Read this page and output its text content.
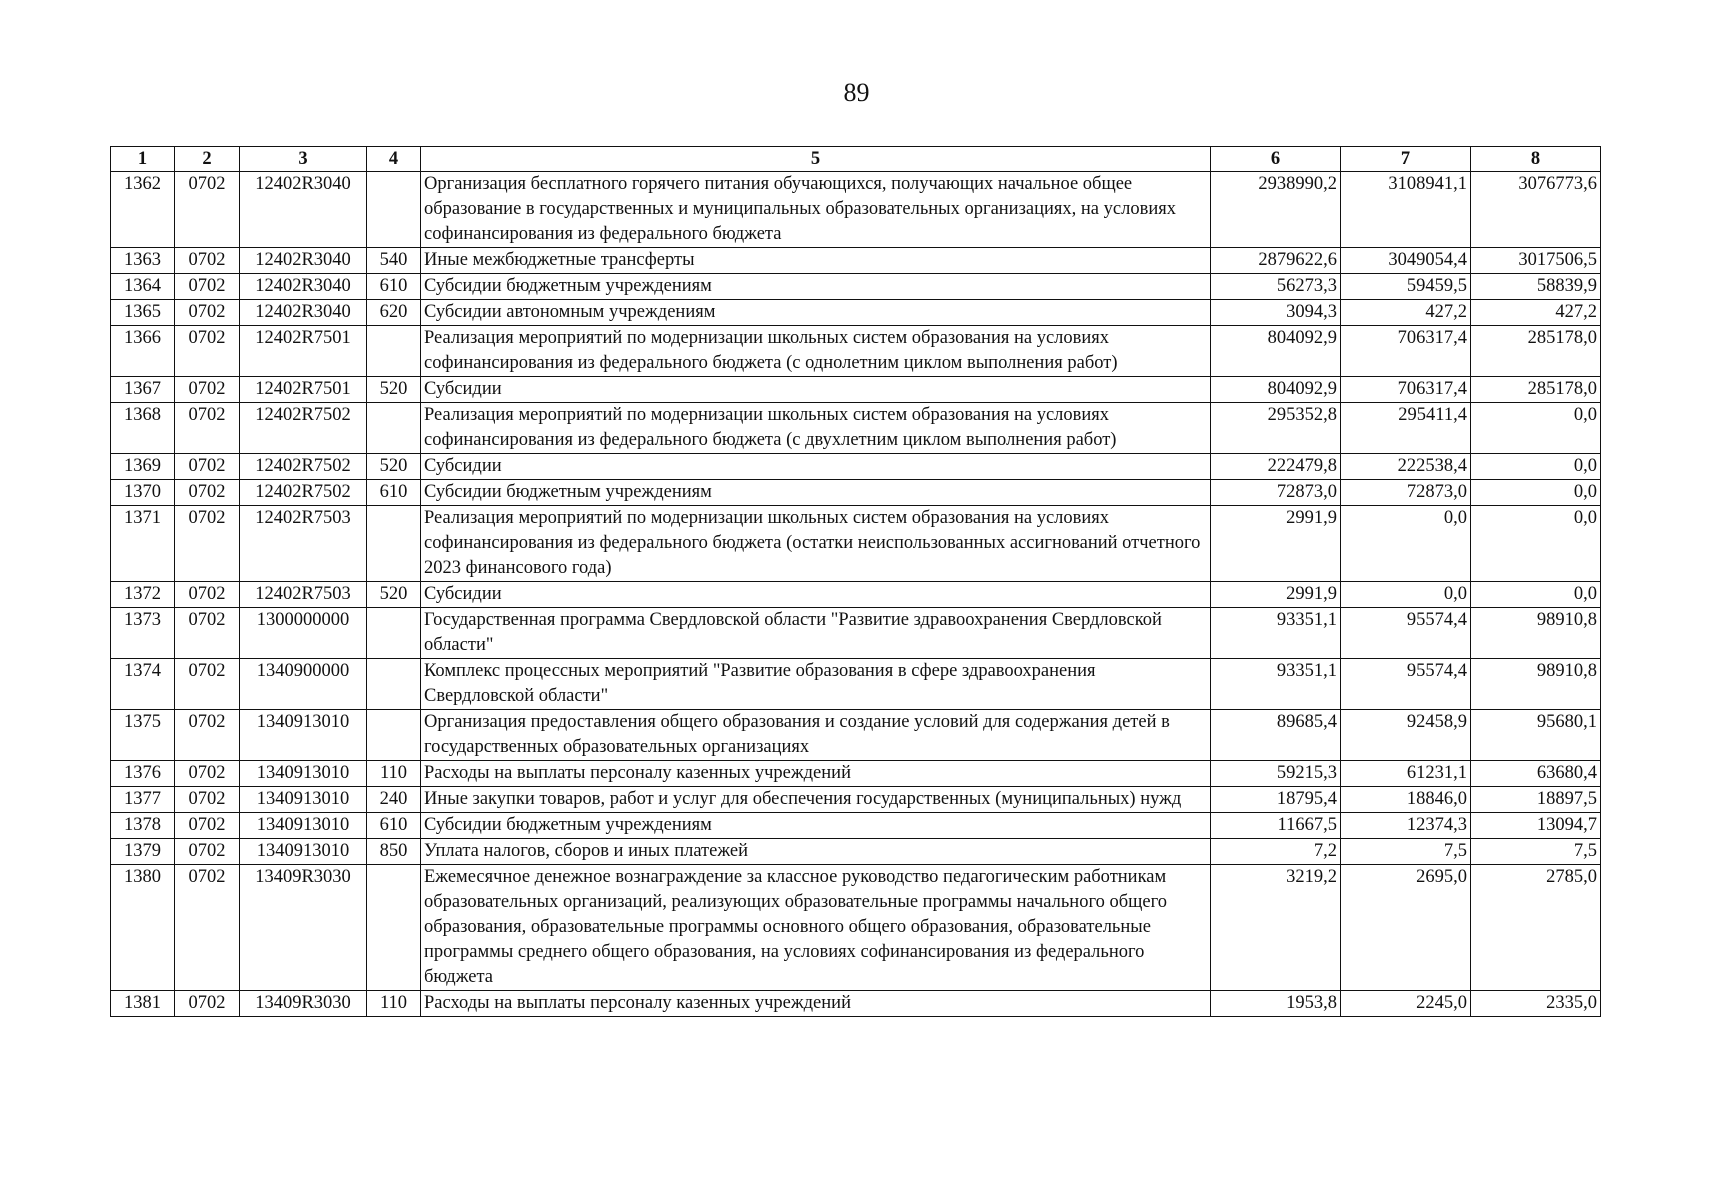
89
1	2	3	4	5	6	7	8
1362	0702	12402R3040		Организация бесплатного горячего питания обучающихся, получающих начальное общее образование в государственных и муниципальных образовательных организациях, на условиях софинансирования из федерального бюджета	2938990,2	3108941,1	3076773,6
1363	0702	12402R3040	540	Иные межбюджетные трансферты	2879622,6	3049054,4	3017506,5
1364	0702	12402R3040	610	Субсидии бюджетным учреждениям	56273,3	59459,5	58839,9
1365	0702	12402R3040	620	Субсидии автономным учреждениям	3094,3	427,2	427,2
1366	0702	12402R7501		Реализация мероприятий по модернизации школьных систем образования на условиях софинансирования из федерального бюджета (с однолетним циклом выполнения работ)	804092,9	706317,4	285178,0
1367	0702	12402R7501	520	Субсидии	804092,9	706317,4	285178,0
1368	0702	12402R7502		Реализация мероприятий по модернизации школьных систем образования на условиях софинансирования из федерального бюджета (с двухлетним циклом выполнения работ)	295352,8	295411,4	0,0
1369	0702	12402R7502	520	Субсидии	222479,8	222538,4	0,0
1370	0702	12402R7502	610	Субсидии бюджетным учреждениям	72873,0	72873,0	0,0
1371	0702	12402R7503		Реализация мероприятий по модернизации школьных систем образования на условиях софинансирования из федерального бюджета (остатки неиспользованных ассигнований отчетного 2023 финансового года)	2991,9	0,0	0,0
1372	0702	12402R7503	520	Субсидии	2991,9	0,0	0,0
1373	0702	1300000000		Государственная программа Свердловской области "Развитие здравоохранения Свердловской области"	93351,1	95574,4	98910,8
1374	0702	1340900000		Комплекс процессных мероприятий "Развитие образования в сфере здравоохранения Свердловской области"	93351,1	95574,4	98910,8
1375	0702	1340913010		Организация предоставления общего образования и создание условий для содержания детей в государственных образовательных организациях	89685,4	92458,9	95680,1
1376	0702	1340913010	110	Расходы на выплаты персоналу казенных учреждений	59215,3	61231,1	63680,4
1377	0702	1340913010	240	Иные закупки товаров, работ и услуг для обеспечения государственных (муниципальных) нужд	18795,4	18846,0	18897,5
1378	0702	1340913010	610	Субсидии бюджетным учреждениям	11667,5	12374,3	13094,7
1379	0702	1340913010	850	Уплата налогов, сборов и иных платежей	7,2	7,5	7,5
1380	0702	13409R3030		Ежемесячное денежное вознаграждение за классное руководство педагогическим работникам образовательных организаций, реализующих образовательные программы начального общего образования, образовательные программы основного общего образования, образовательные программы среднего общего образования, на условиях софинансирования из федерального бюджета	3219,2	2695,0	2785,0
1381	0702	13409R3030	110	Расходы на выплаты персоналу казенных учреждений	1953,8	2245,0	2335,0
